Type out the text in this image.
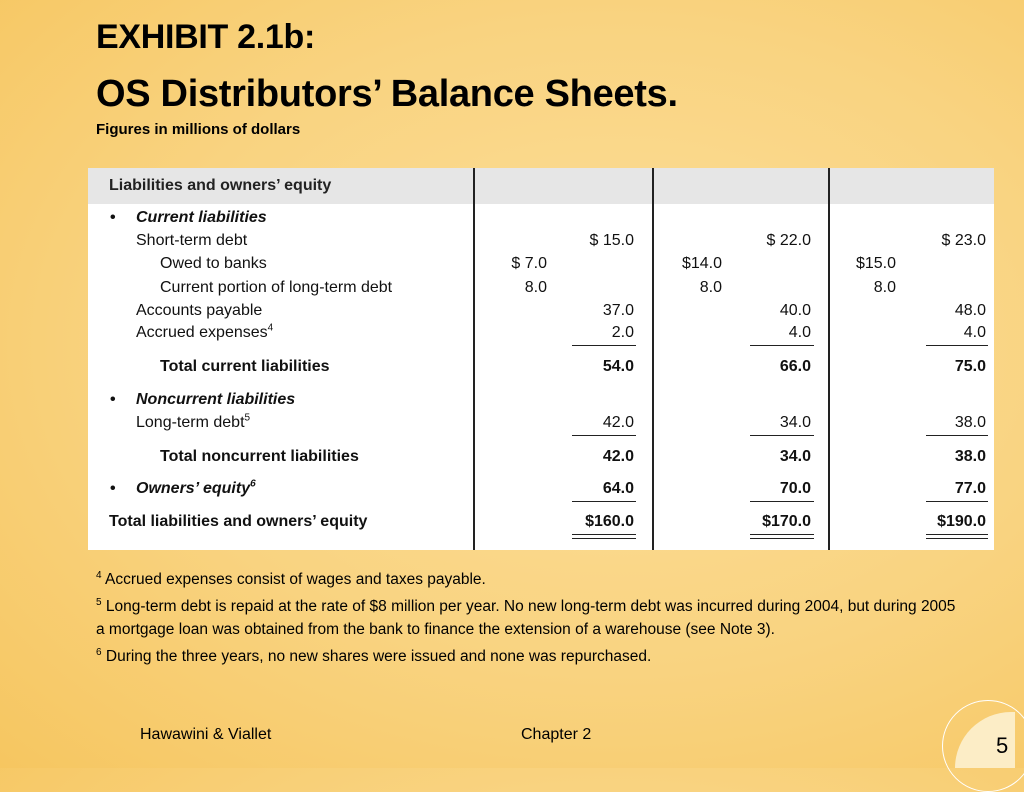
EXHIBIT 2.1b:
OS Distributors’ Balance Sheets.
Figures in millions of dollars
Liabilities and owners’ equity
• Current liabilities
Short-term debt	$ 15.0	$ 22.0	$ 23.0
Owed to banks	$ 7.0	$14.0	$15.0
Current portion of long-term debt	8.0	8.0	8.0
Accounts payable	37.0	40.0	48.0
Accrued expenses$^4$	2.0	4.0	4.0
Total current liabilities	54.0	66.0	75.0
• Noncurrent liabilities
Long-term debt$^5$	42.0	34.0	38.0
Total noncurrent liabilities	42.0	34.0	38.0
• Owners’ equity$^6$	64.0	70.0	77.0
Total liabilities and owners’ equity	$160.0	$170.0	$190.0
$^4$ Accrued expenses consist of wages and taxes payable.
$^5$ Long-term debt is repaid at the rate of $8 million per year. No new long-term debt was incurred during 2004, but during 2005 a mortgage loan was obtained from the bank to finance the extension of a warehouse (see Note 3).
$^6$ During the three years, no new shares were issued and none was repurchased.
Hawawini & Viallet	Chapter 2	5
